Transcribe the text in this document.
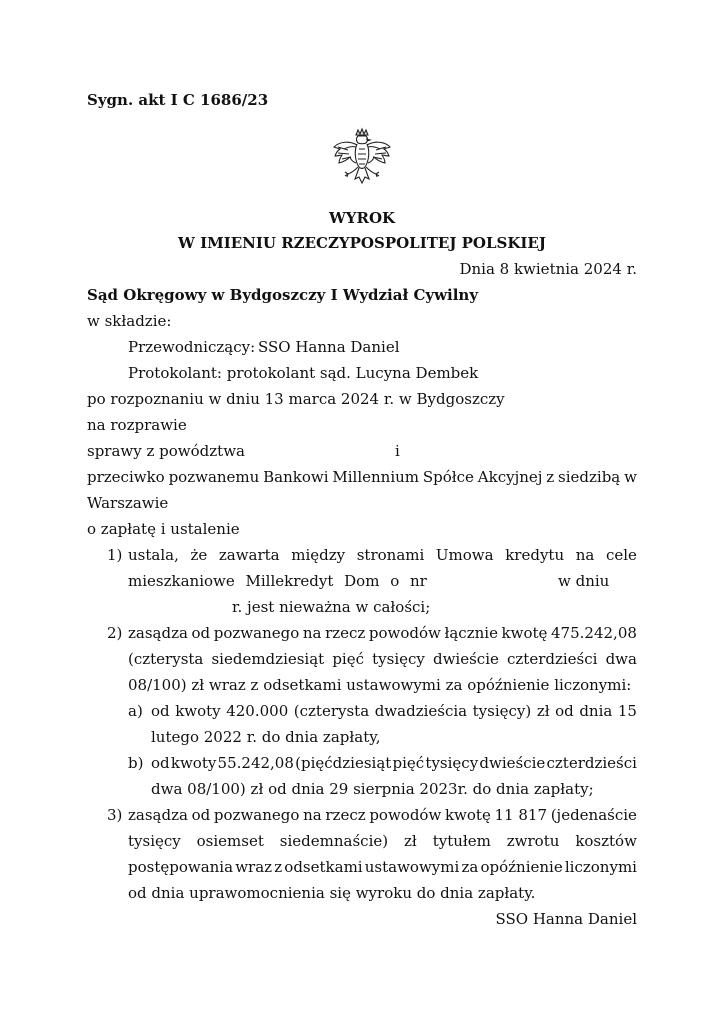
Sygn. akt I C 1686/23
WYROK
W IMIENIU RZECZYPOSPOLITEJ POLSKIEJ
Dnia 8 kwietnia 2024 r.
Sąd Okręgowy w Bydgoszczy I Wydział Cywilny
w składzie:
Przewodniczący: SSO Hanna Daniel
Protokolant: protokolant sąd. Lucyna Dembek
po rozpoznaniu w dniu 13 marca 2024 r. w Bydgoszczy
na rozprawie
sprawy z powództwa	i
przeciwko pozwanemu Bankowi Millennium Spółce Akcyjnej z siedzibą w
Warszawie
o zapłatę i ustalenie
1) ustala, że zawarta między stronami Umowa kredytu na cele
mieszkaniowe Millekredyt Dom o nr	w dniu
r. jest nieważna w całości;
2) zasądza od pozwanego na rzecz powodów łącznie kwotę 475.242,08
(czterysta siedemdziesiąt pięć tysięcy dwieście czterdzieści dwa
08/100) zł wraz z odsetkami ustawowymi za opóźnienie liczonymi:
a) od kwoty 420.000 (czterysta dwadzieścia tysięcy) zł od dnia 15
lutego 2022 r. do dnia zapłaty,
b) od kwoty 55.242,08 (pięćdziesiąt pięć tysięcy dwieście czterdzieści
dwa 08/100) zł od dnia 29 sierpnia 2023r. do dnia zapłaty;
3) zasądza od pozwanego na rzecz powodów kwotę 11 817 (jedenaście
tysięcy osiemset siedemnaście) zł tytułem zwrotu kosztów
postępowania wraz z odsetkami ustawowymi za opóźnienie liczonymi
od dnia uprawomocnienia się wyroku do dnia zapłaty.
SSO Hanna Daniel
